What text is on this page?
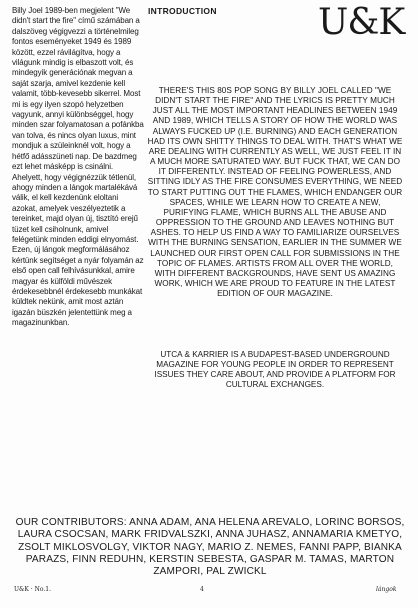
Billy Joel 1989-ben megjelent "We didn't start the fire" című számában a dalszöveg végigvezzi a történelmileg fontos eseményeket 1949 és 1989 között, ezzel rávilágítva, hogy a világunk mindig is elbaszott volt, és mindegyik generációnak megvan a saját szarja, amivel kezdenie kell valamit, több-kevesebb sikerrel. Most mi is egy ilyen szopó helyzetben vagyunk, annyi különbséggel, hogy minden szar folyamatosan a pofánkba van tolva, és nincs olyan luxus, mint mondjuk a szüleinknél volt, hogy a hétfő adásszüneti nap. De bazdmeg ezt lehet másképp is csinálni. Ahelyett, hogy végignézzük tétlenül, ahogy minden a lángok martalékává válik, el kell kezdenünk eloltani azokat, amelyek veszélyeztetik a tereinket, majd olyan új, tisztító erejű tüzet kell csiholnunk, amivel felégetünk minden eddigi elnyomást. Ezen, új lángok megformálásához kértünk segítséget a nyár folyamán az első open call felhívásunkkal, amire magyar és külföldi művészek érdekesebbnél érdekesebb munkákat küldtek nekünk, amit most aztán igazán büszkén jelentettünk meg a magazinunkban.

INTRODUCTION	U&K

THERE'S THIS 80S POP SONG BY BILLY JOEL CALLED "WE DIDN'T START THE FIRE" AND THE LYRICS IS PRETTY MUCH JUST ALL THE MOST IMPORTANT HEADLINES BETWEEN 1949 AND 1989, WHICH TELLS A STORY OF HOW THE WORLD WAS ALWAYS FUCKED UP (I.E. BURNING) AND EACH GENERATION HAD ITS OWN SHITTY THINGS TO DEAL WITH. THAT'S WHAT WE ARE DEALING WITH CURRENTLY AS WELL, WE JUST FEEL IT IN A MUCH MORE SATURATED WAY. BUT FUCK THAT, WE CAN DO IT DIFFERENTLY. INSTEAD OF FEELING POWERLESS, AND SITTING IDLY AS THE FIRE CONSUMES EVERYTHING, WE NEED TO START PUTTING OUT THE FLAMES, WHICH ENDANGER OUR SPACES, WHILE WE LEARN HOW TO CREATE A NEW, PURIFYING FLAME, WHICH BURNS ALL THE ABUSE AND OPPRESSION TO THE GROUND AND LEAVES NOTHING BUT ASHES. TO HELP US FIND A WAY TO FAMILIARIZE OURSELVES WITH THE BURNING SENSATION, EARLIER IN THE SUMMER WE LAUNCHED OUR FIRST OPEN CALL FOR SUBMISSIONS IN THE TOPIC OF FLAMES. ARTISTS FROM ALL OVER THE WORLD, WITH DIFFERENT BACKGROUNDS, HAVE SENT US AMAZING WORK, WHICH WE ARE PROUD TO FEATURE IN THE LATEST EDITION OF OUR MAGAZINE.

UTCA & KARRIER IS A BUDAPEST-BASED UNDERGROUND MAGAZINE FOR YOUNG PEOPLE IN ORDER TO REPRESENT ISSUES THEY CARE ABOUT, AND PROVIDE A PLATFORM FOR CULTURAL EXCHANGES.

OUR CONTRIBUTORS: ANNA ADAM, ANA HELENA AREVALO, LORINC BORSOS, LAURA CSOCSAN, MARK FRIDVALSZKI, ANNA JUHASZ, ANNAMARIA KMETYO, ZSOLT MIKLOSVOLGY, VIKTOR NAGY, MARIO Z. NEMES, FANNI PAPP, BIANKA PARAZS, FINN REDUHN, KERSTIN SEBESTA, GASPAR M. TAMAS, MARTON ZAMPORI, PAL ZWICKL

U&K · No.1.	4	lángok
